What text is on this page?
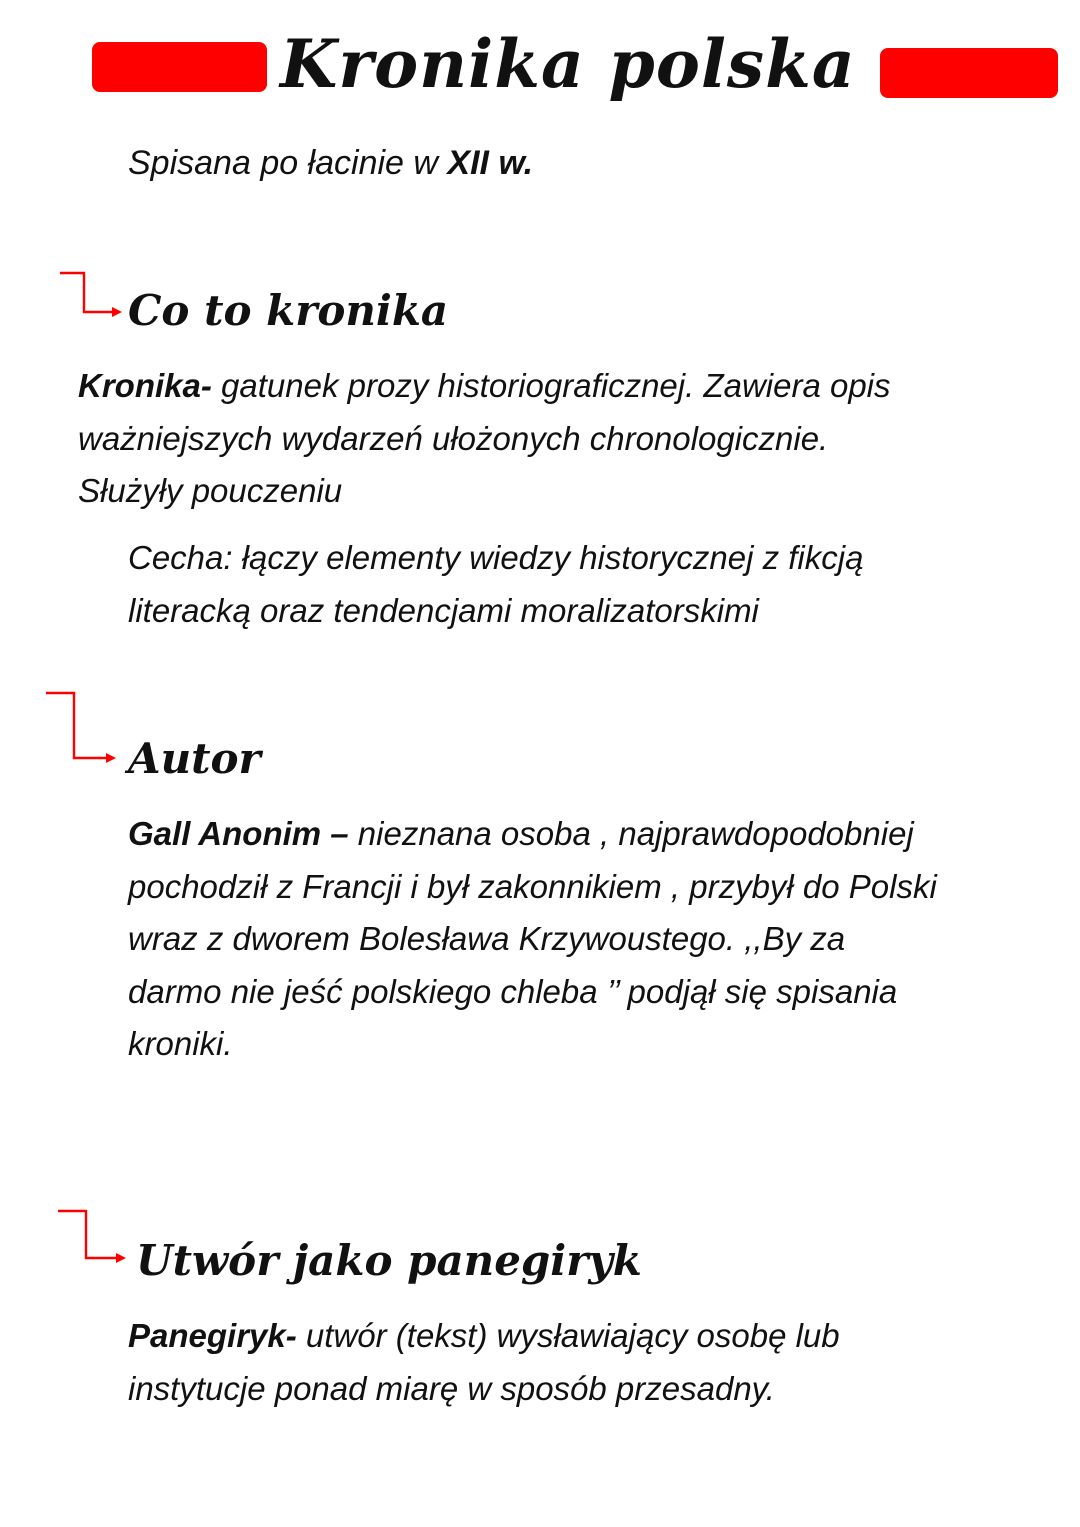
Kronika polska
Spisana po łacinie w XII w.
Co to kronika
Kronika- gatunek prozy historiograficznej. Zawiera opis
ważniejszych wydarzeń ułożonych chronologicznie.
Służyły pouczeniu
Cecha: łączy elementy wiedzy historycznej z fikcją
literacką oraz tendencjami moralizatorskimi
Autor
Gall Anonim – nieznana osoba , najprawdopodobniej
pochodził z Francji i był zakonnikiem , przybył do Polski
wraz z dworem Bolesława Krzywoustego. ,,By za
darmo nie jeść polskiego chleba ’’ podjął się spisania
kroniki.
Utwór jako panegiryk
Panegiryk- utwór (tekst) wysławiający osobę lub
instytucje ponad miarę w sposób przesadny.
